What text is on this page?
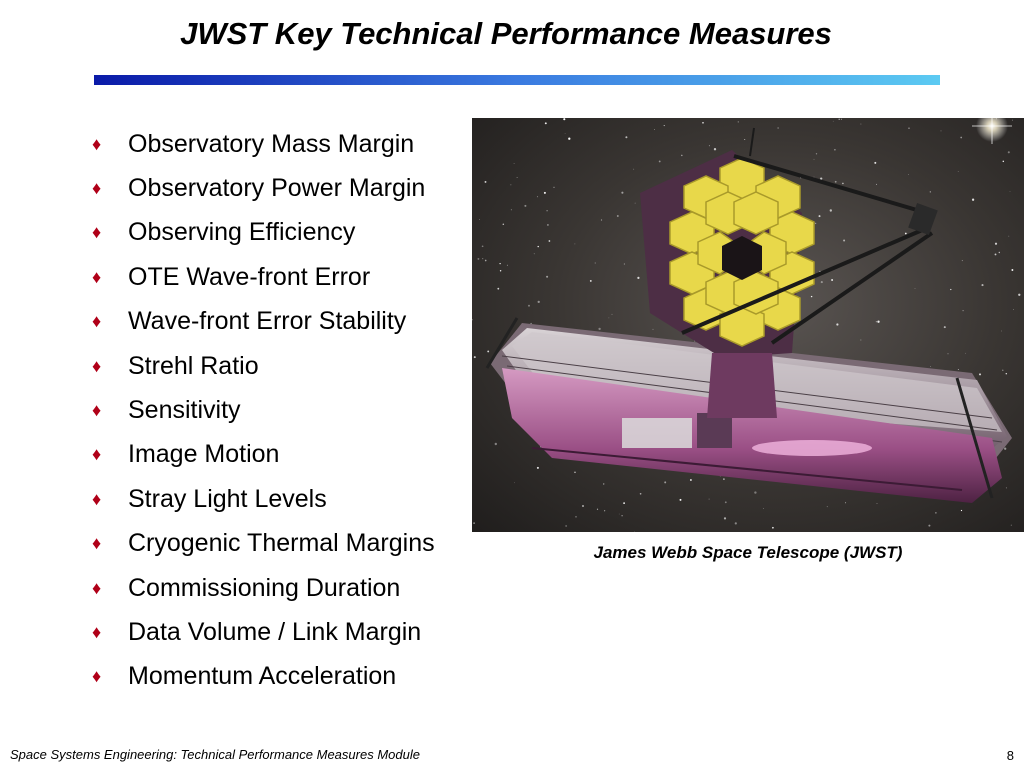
JWST Key Technical Performance Measures
♦	Observatory Mass Margin
♦	Observatory Power Margin
♦	Observing Efficiency
♦	OTE Wave-front Error
♦	Wave-front Error Stability
♦	Strehl Ratio
♦	Sensitivity
♦	Image Motion
♦	Stray Light Levels
♦	Cryogenic Thermal Margins
♦	Commissioning Duration
♦	Data Volume / Link Margin
♦	Momentum Acceleration
James Webb Space Telescope (JWST)
Space Systems Engineering: Technical Performance Measures Module	8
